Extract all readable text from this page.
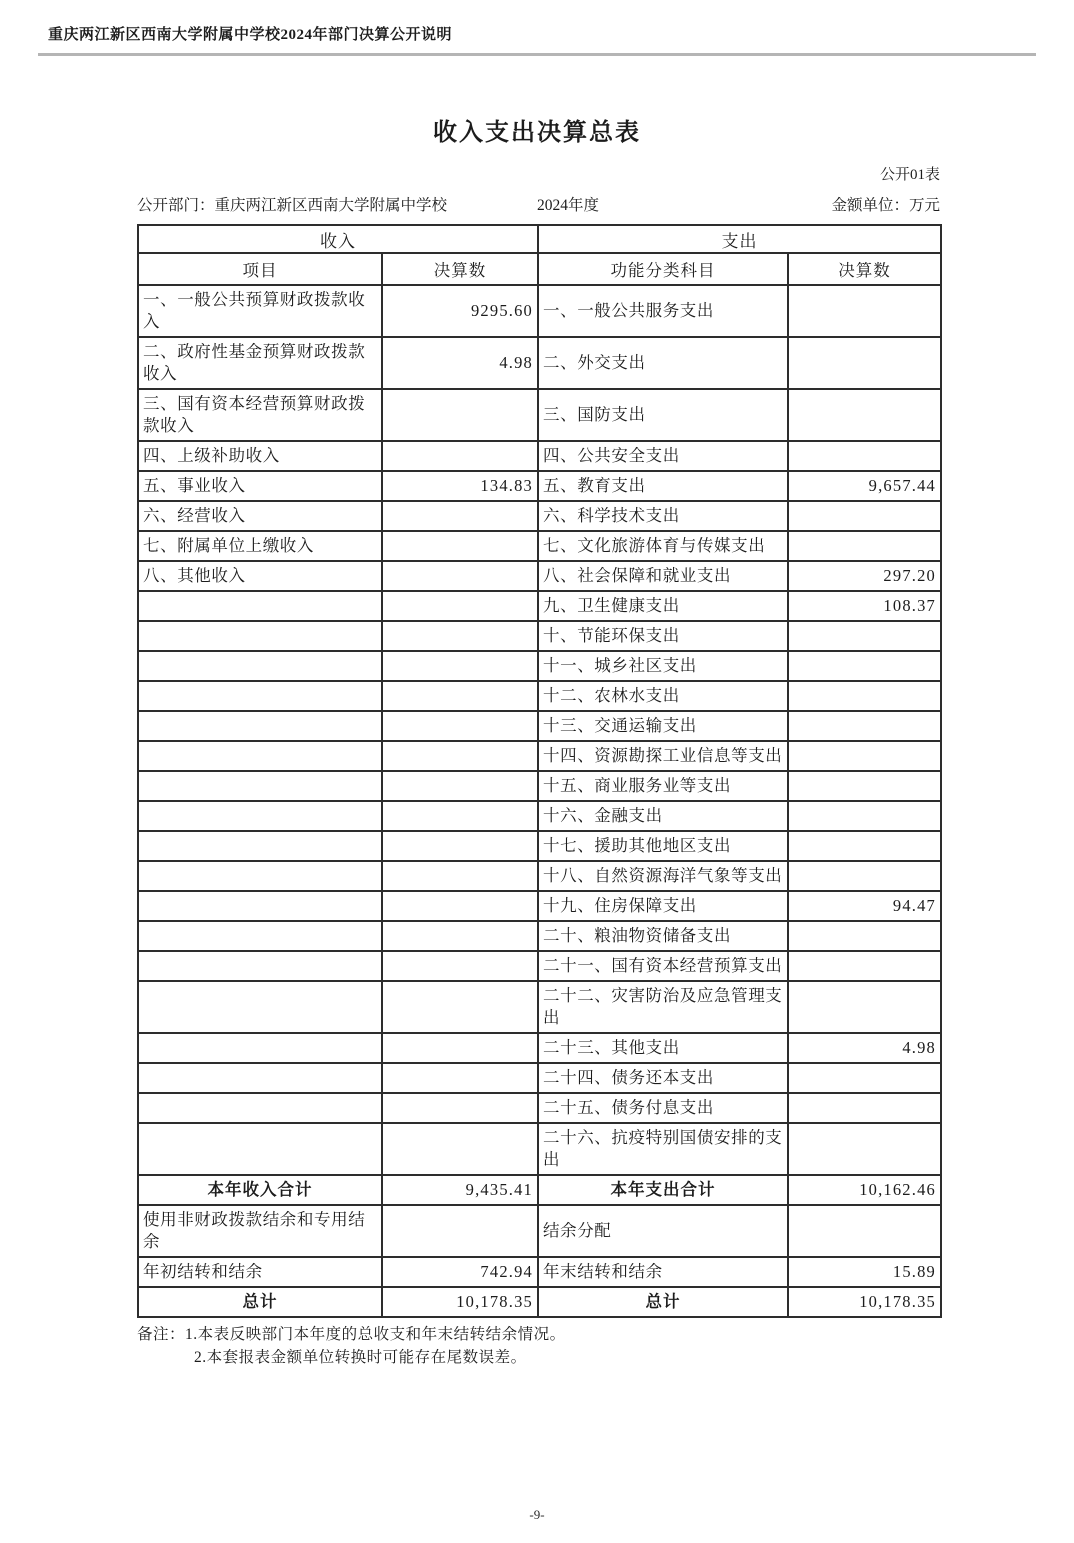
重庆两江新区西南大学附属中学校2024年部门决算公开说明
收入支出决算总表
公开01表
公开部门：重庆两江新区西南大学附属中学校	2024年度	金额单位：万元
收入		支出	
项目	决算数	功能分类科目	决算数
一、一般公共预算财政拨款收入	9295.60	一、一般公共服务支出	
二、政府性基金预算财政拨款收入	4.98	二、外交支出	
三、国有资本经营预算财政拨款收入		三、国防支出	
四、上级补助收入		四、公共安全支出	
五、事业收入	134.83	五、教育支出	9,657.44
六、经营收入		六、科学技术支出	
七、附属单位上缴收入		七、文化旅游体育与传媒支出	
八、其他收入		八、社会保障和就业支出	297.20
		九、卫生健康支出	108.37
		十、节能环保支出	
		十一、城乡社区支出	
		十二、农林水支出	
		十三、交通运输支出	
		十四、资源勘探工业信息等支出	
		十五、商业服务业等支出	
		十六、金融支出	
		十七、援助其他地区支出	
		十八、自然资源海洋气象等支出	
		十九、住房保障支出	94.47
		二十、粮油物资储备支出	
		二十一、国有资本经营预算支出	
		二十二、灾害防治及应急管理支出	
		二十三、其他支出	4.98
		二十四、债务还本支出	
		二十五、债务付息支出	
		二十六、抗疫特别国债安排的支出	
本年收入合计	9,435.41	本年支出合计	10,162.46
使用非财政拨款结余和专用结余		结余分配	
年初结转和结余	742.94	年末结转和结余	15.89
总计	10,178.35	总计	10,178.35
备注：1.本表反映部门本年度的总收支和年末结转结余情况。
2.本套报表金额单位转换时可能存在尾数误差。
-9-
